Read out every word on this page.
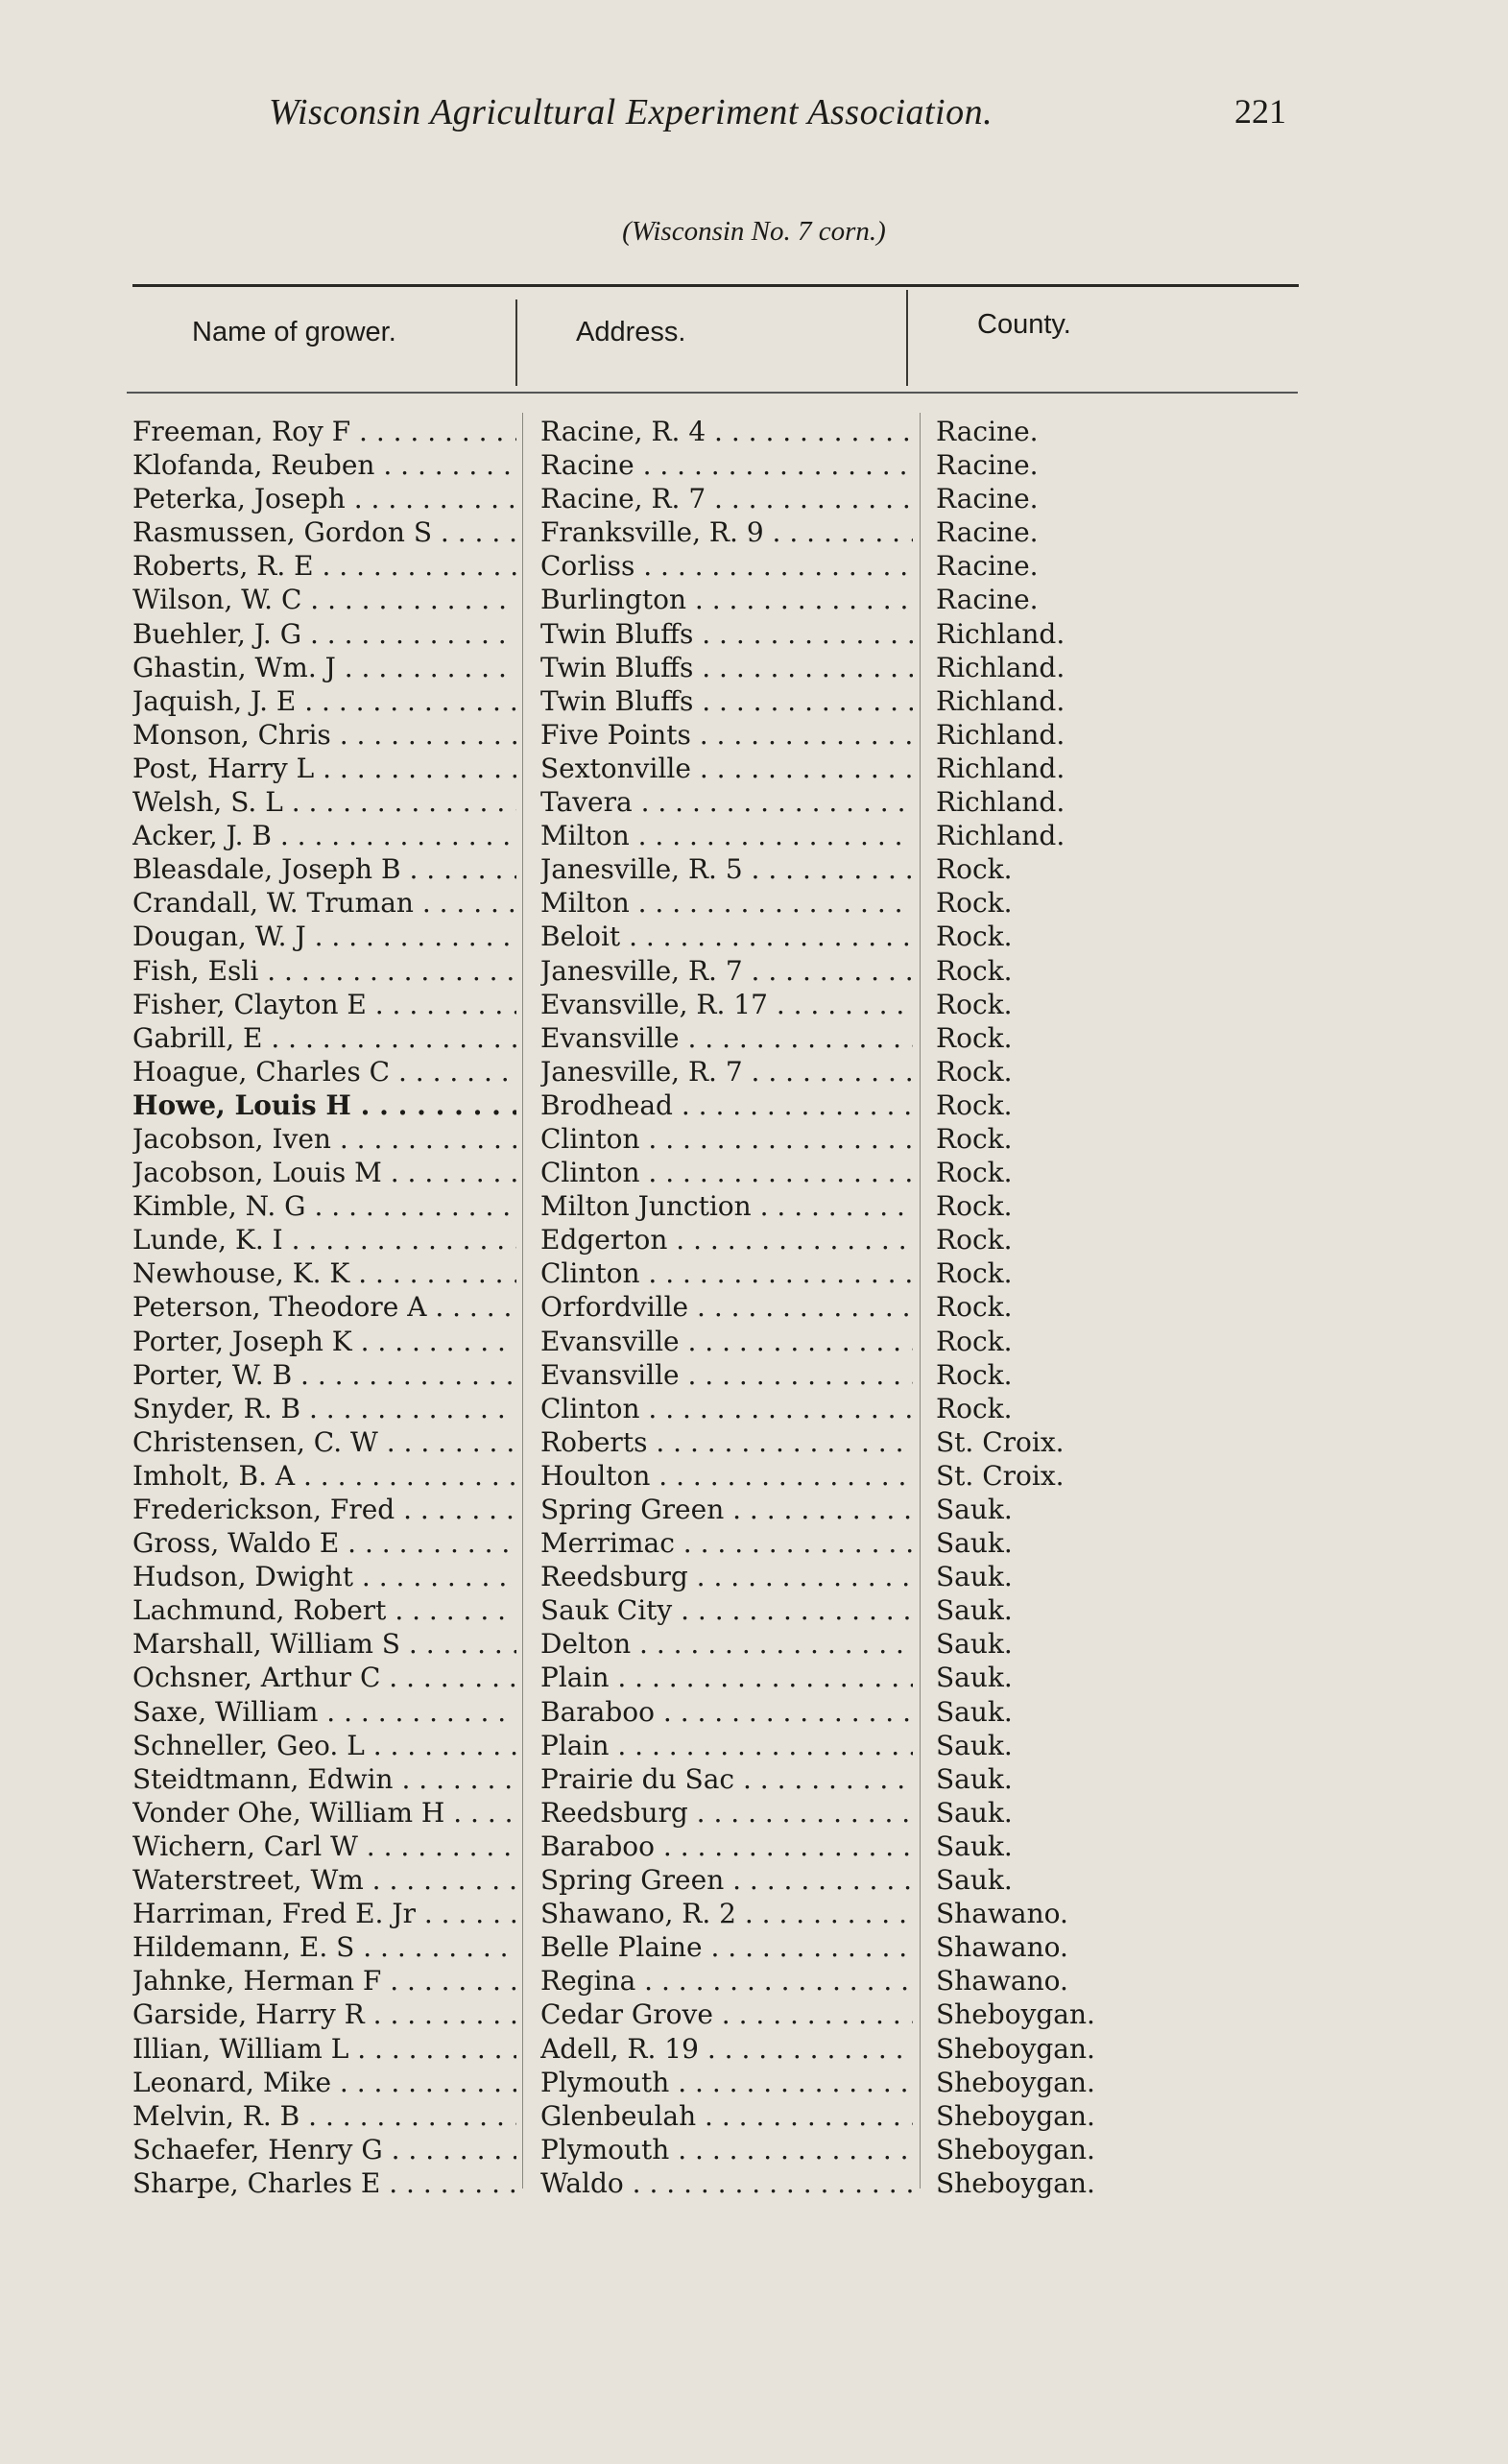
Wisconsin Agricultural Experiment Association.	221
(Wisconsin No. 7 corn.)
Name of grower.	Address.	County.
Freeman, Roy F . . .	Racine, R. 4 . . .	Racine.
Klofanda, Reuben . . .	Racine . . .	Racine.
Peterka, Joseph . . .	Racine, R. 7 . . .	Racine.
Rasmussen, Gordon S . . .	Franksville, R. 9 . . .	Racine.
Roberts, R. E . . .	Corliss . . .	Racine.
Wilson, W. C . . .	Burlington . . .	Racine.
Buehler, J. G . . .	Twin Bluffs . . .	Richland.
Ghastin, Wm. J . . .	Twin Bluffs . . .	Richland.
Jaquish, J. E . . .	Twin Bluffs . . .	Richland.
Monson, Chris . . .	Five Points . . .	Richland.
Post, Harry L . . .	Sextonville . . .	Richland.
Welsh, S. L . . .	Tavera . . .	Richland.
Acker, J. B . . .	Milton . . .	Richland.
Bleasdale, Joseph B . . .	Janesville, R. 5 . . .	Rock.
Crandall, W. Truman . . .	Milton . . .	Rock.
Dougan, W. J . . .	Beloit . . .	Rock.
Fish, Esli . . .	Janesville, R. 7 . . .	Rock.
Fisher, Clayton E . . .	Evansville, R. 17 . . .	Rock.
Gabrill, E . . .	Evansville . . .	Rock.
Hoague, Charles C . . .	Janesville, R. 7 . . .	Rock.
Howe, Louis H . . .	Brodhead . . .	Rock.
Jacobson, Iven . . .	Clinton . . .	Rock.
Jacobson, Louis M . . .	Clinton . . .	Rock.
Kimble, N. G . . .	Milton Junction . . .	Rock.
Lunde, K. I . . .	Edgerton . . .	Rock.
Newhouse, K. K . . .	Clinton . . .	Rock.
Peterson, Theodore A . . .	Orfordville . . .	Rock.
Porter, Joseph K . . .	Evansville . . .	Rock.
Porter, W. B . . .	Evansville . . .	Rock.
Snyder, R. B . . .	Clinton . . .	Rock.
Christensen, C. W . . .	Roberts . . .	St. Croix.
Imholt, B. A . . .	Houlton . . .	St. Croix.
Frederickson, Fred . . .	Spring Green . . .	Sauk.
Gross, Waldo E . . .	Merrimac . . .	Sauk.
Hudson, Dwight . . .	Reedsburg . . .	Sauk.
Lachmund, Robert . . .	Sauk City . . .	Sauk.
Marshall, William S . . .	Delton . . .	Sauk.
Ochsner, Arthur C . . .	Plain . . .	Sauk.
Saxe, William . . .	Baraboo . . .	Sauk.
Schneller, Geo. L . . .	Plain . . .	Sauk.
Steidtmann, Edwin . . .	Prairie du Sac . . .	Sauk.
Vonder Ohe, William H . . .	Reedsburg . . .	Sauk.
Wichern, Carl W . . .	Baraboo . . .	Sauk.
Waterstreet, Wm . . .	Spring Green . . .	Sauk.
Harriman, Fred E. Jr . . .	Shawano, R. 2 . . .	Shawano.
Hildemann, E. S . . .	Belle Plaine . . .	Shawano.
Jahnke, Herman F . . .	Regina . . .	Shawano.
Garside, Harry R . . .	Cedar Grove . . .	Sheboygan.
Illian, William L . . .	Adell, R. 19 . . .	Sheboygan.
Leonard, Mike . . .	Plymouth . . .	Sheboygan.
Melvin, R. B . . .	Glenbeulah . . .	Sheboygan.
Schaefer, Henry G . . .	Plymouth . . .	Sheboygan.
Sharpe, Charles E . . .	Waldo . . .	Sheboygan.
